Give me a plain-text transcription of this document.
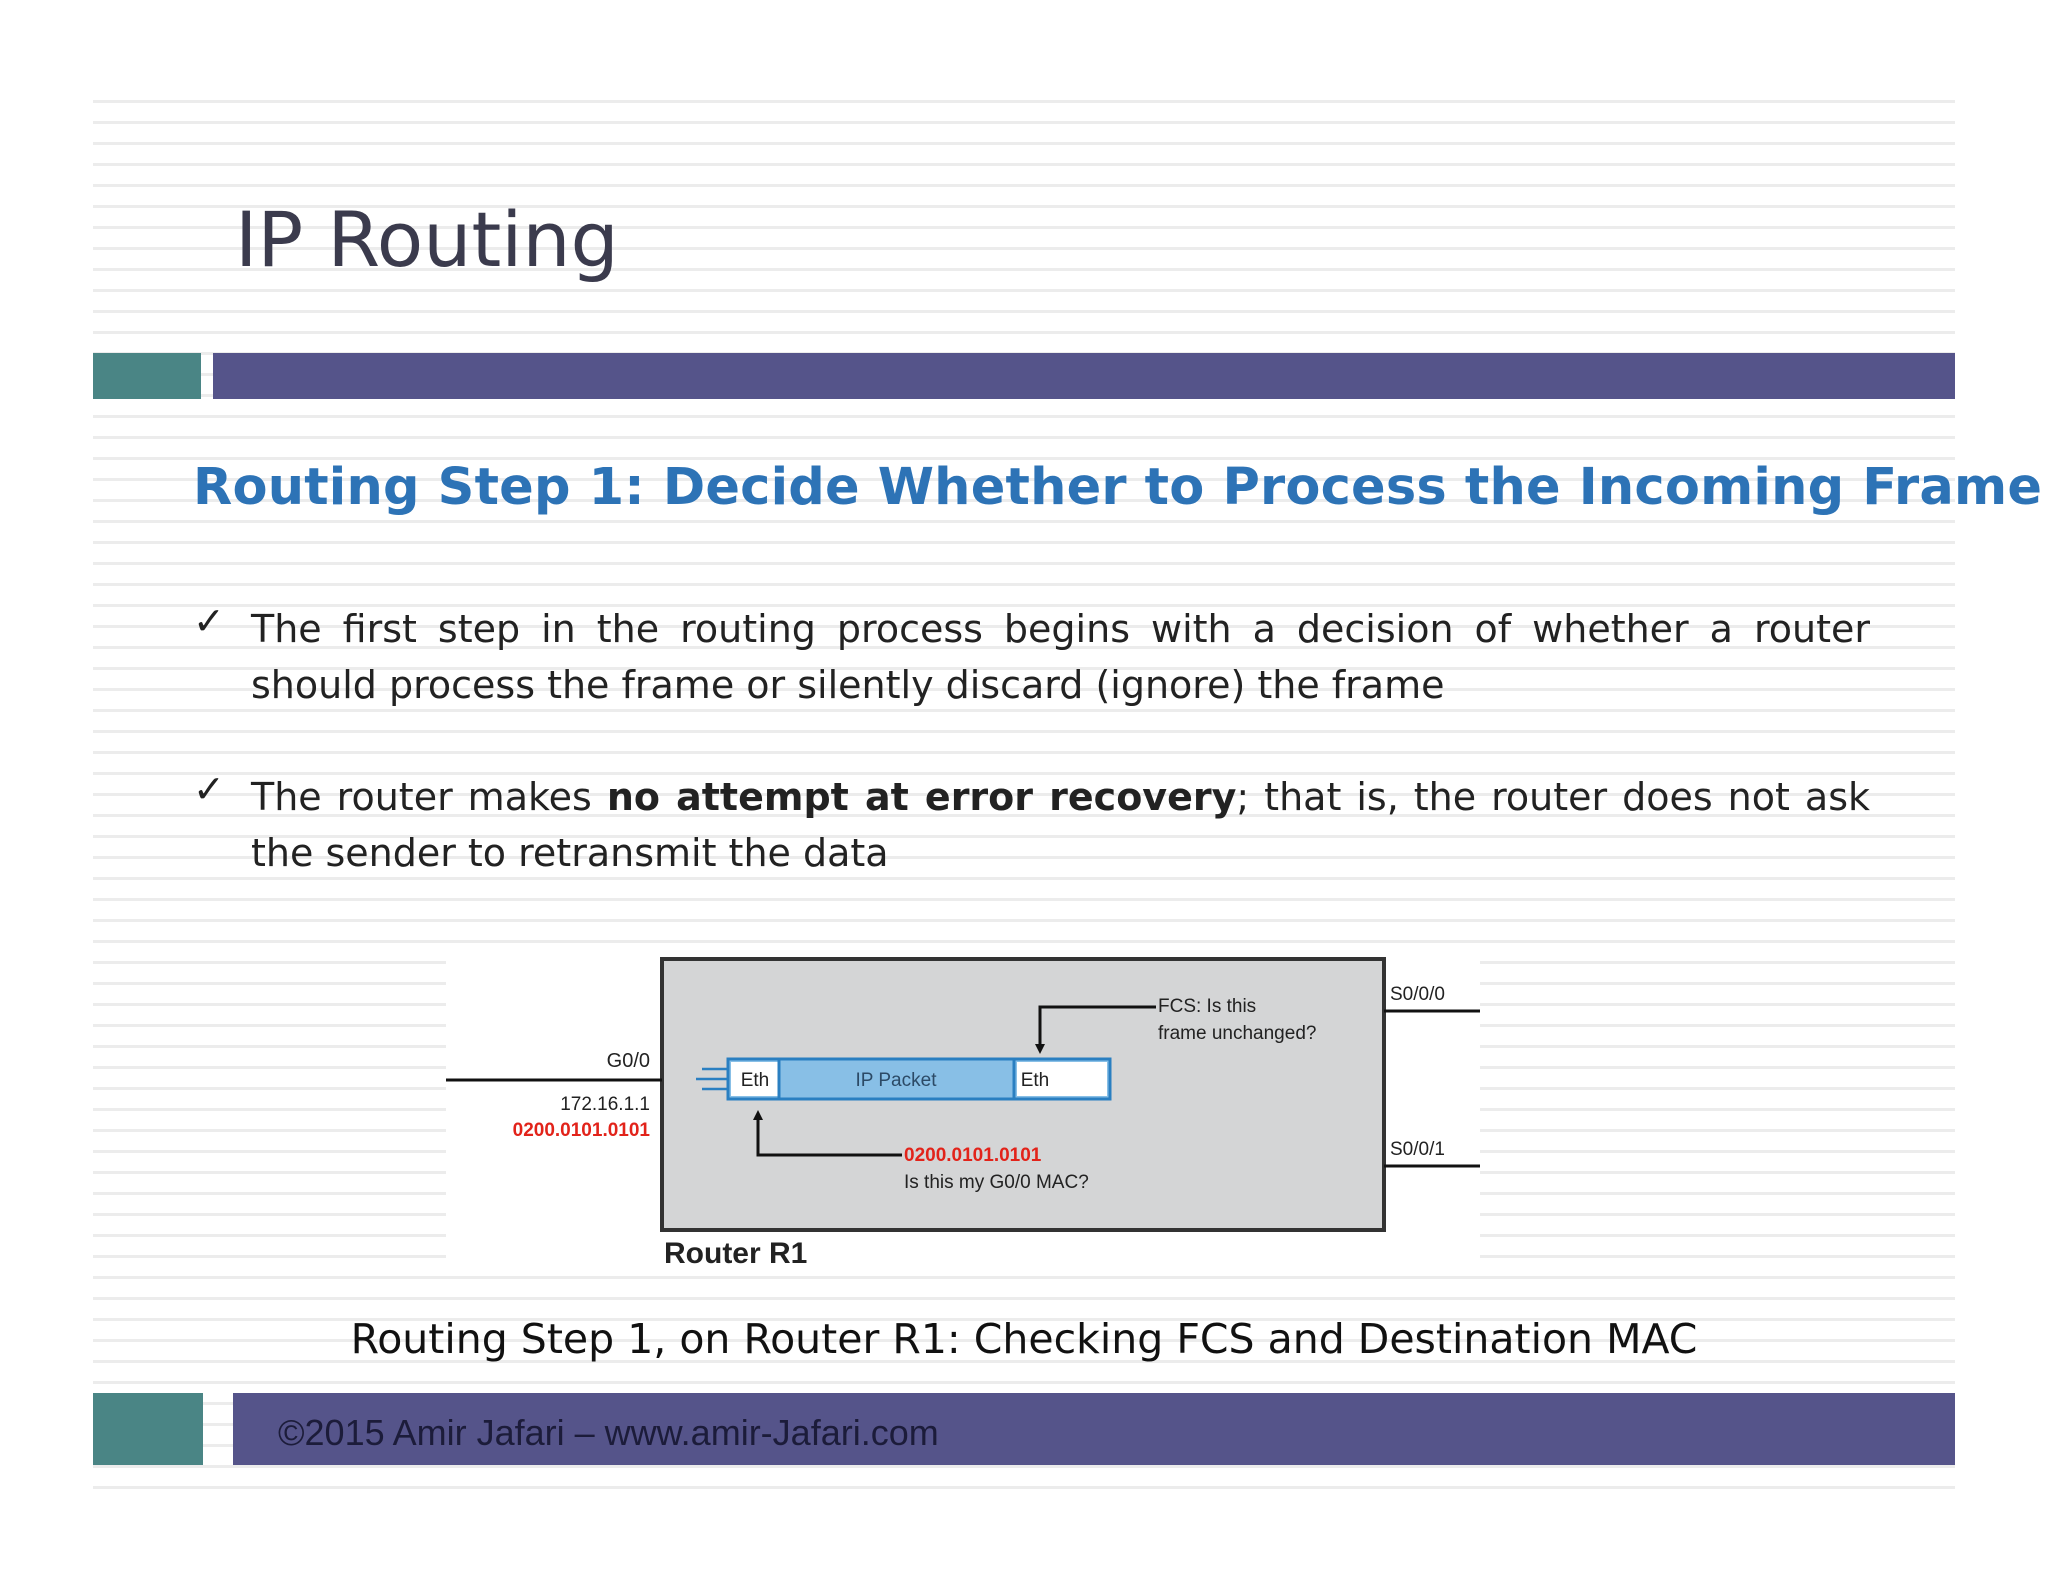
IP Routing
Routing Step 1: Decide Whether to Process the Incoming Frame
✓ The first step in the routing process begins with a decision of whether a router should process the frame or silently discard (ignore) the frame

✓ The router makes no attempt at error recovery; that is, the router does not ask the sender to retransmit the data

G0/0
172.16.1.1
0200.0101.0101
S0/0/0
S0/0/1
Eth	IP Packet	Eth
FCS: Is this
frame unchanged?
0200.0101.0101
Is this my G0/0 MAC?
Router R1

Routing Step 1, on Router R1: Checking FCS and Destination MAC

©2015 Amir Jafari – www.amir-Jafari.com
